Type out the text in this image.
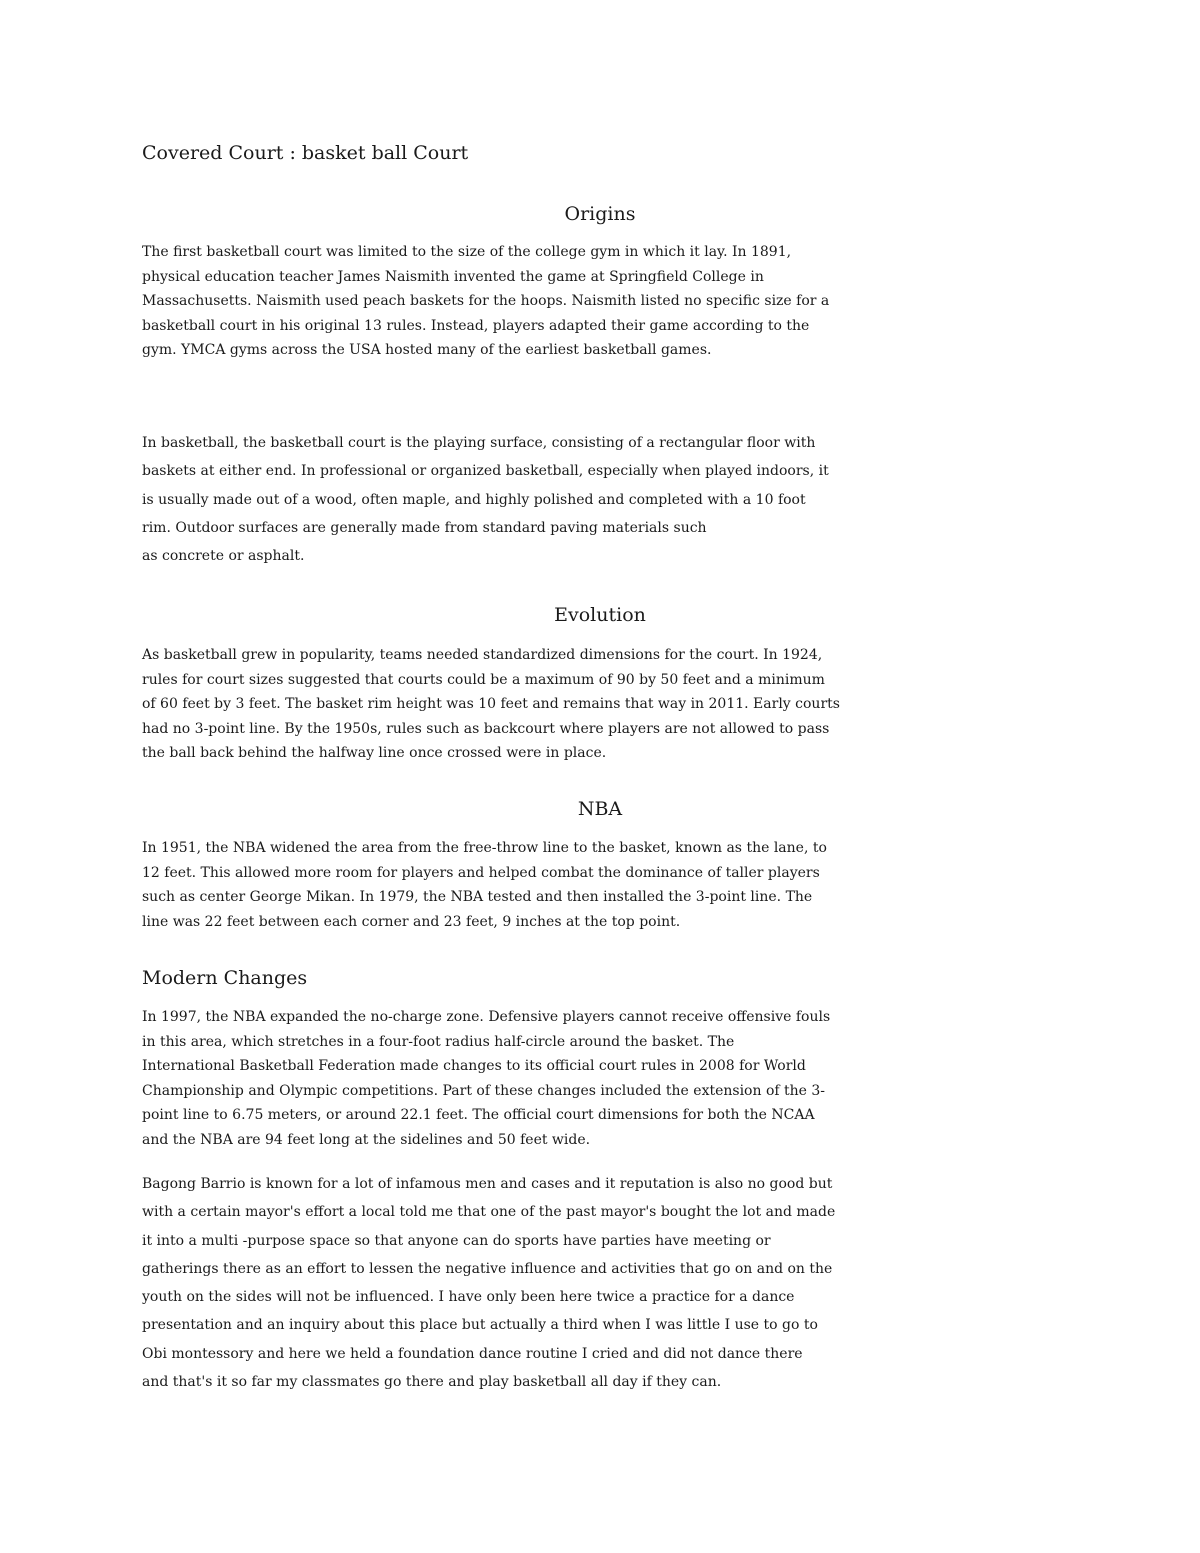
Covered Court : basket ball Court
Origins

The first basketball court was limited to the size of the college gym in which it lay. In 1891,
physical education teacher James Naismith invented the game at Springfield College in
Massachusetts. Naismith used peach baskets for the hoops. Naismith listed no specific size for a
basketball court in his original 13 rules. Instead, players adapted their game according to the
gym. YMCA gyms across the USA hosted many of the earliest basketball games.

In basketball, the basketball court is the playing surface, consisting of a rectangular floor with
baskets at either end. In professional or organized basketball, especially when played indoors, it
is usually made out of a wood, often maple, and highly polished and completed with a 10 foot
rim. Outdoor surfaces are generally made from standard paving materials such
as concrete or asphalt.

Evolution

As basketball grew in popularity, teams needed standardized dimensions for the court. In 1924,
rules for court sizes suggested that courts could be a maximum of 90 by 50 feet and a minimum
of 60 feet by 3 feet. The basket rim height was 10 feet and remains that way in 2011. Early courts
had no 3-point line. By the 1950s, rules such as backcourt where players are not allowed to pass
the ball back behind the halfway line once crossed were in place.

NBA

In 1951, the NBA widened the area from the free-throw line to the basket, known as the lane, to
12 feet. This allowed more room for players and helped combat the dominance of taller players
such as center George Mikan. In 1979, the NBA tested and then installed the 3-point line. The
line was 22 feet between each corner and 23 feet, 9 inches at the top point.

Modern Changes

In 1997, the NBA expanded the no-charge zone. Defensive players cannot receive offensive fouls
in this area, which stretches in a four-foot radius half-circle around the basket. The
International Basketball Federation made changes to its official court rules in 2008 for World
Championship and Olympic competitions. Part of these changes included the extension of the 3-
point line to 6.75 meters, or around 22.1 feet. The official court dimensions for both the NCAA
and the NBA are 94 feet long at the sidelines and 50 feet wide.

Bagong Barrio is known for a lot of infamous men and cases and it reputation is also no good but
with a certain mayor's effort a local told me that one of the past mayor's bought the lot and made
it into a multi -purpose space so that anyone can do sports have parties have meeting or
gatherings there as an effort to lessen the negative influence and activities that go on and on the
youth on the sides will not be influenced. I have only been here twice a practice for a dance
presentation and an inquiry about this place but actually a third when I was little I use to go to
Obi montessory and here we held a foundation dance routine I cried and did not dance there
and that's it so far my classmates go there and play basketball all day if they can.
